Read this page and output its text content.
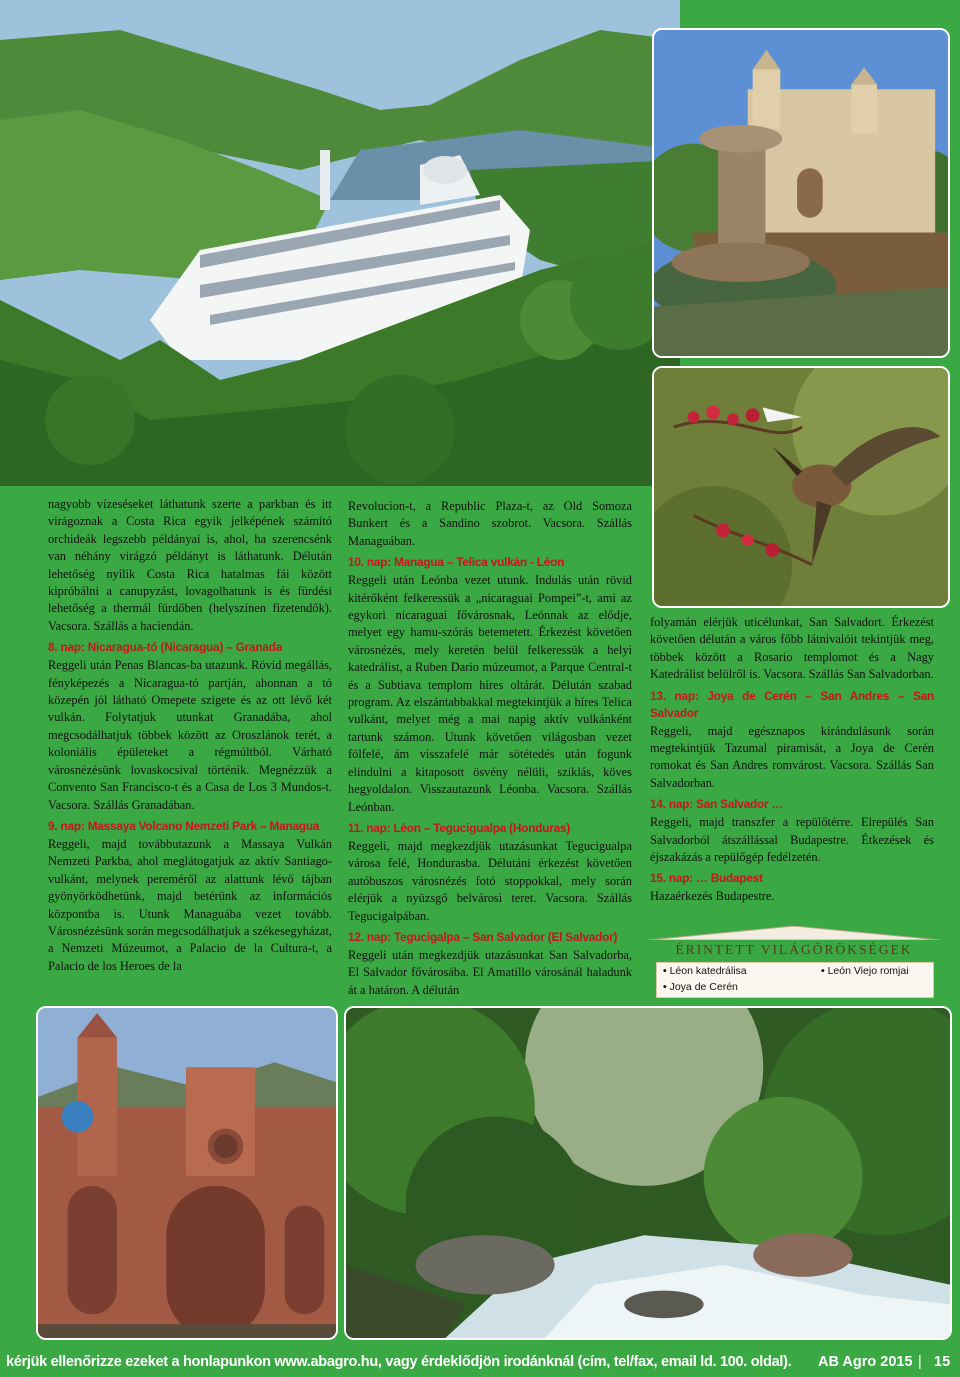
nagyobb vízeséseket láthatunk szerte a parkban és itt virágoznak a Costa Rica egyik jelképének számító orchideák legszebb példányai is, ahol, ha szerencsénk van néhány virágzó példányt is láthatunk. Délután lehetőség nyílik Costa Rica hatalmas fái között kipróbálni a canupyzást, lovagolhatunk is és fürdési lehetőség a thermál fürdőben (helyszínen fizetendők). Vacsora. Szállás a haciendán.

8. nap: Nicaragua-tó (Nicaragua) – Granada

Reggeli után Penas Blancas-ba utazunk. Rövid megállás, fényképezés a Nicaragua-tó partján, ahonnan a tó közepén jól látható Omepete szigete és az ott lévő két vulkán. Folytatjuk utunkat Granadába, ahol megcsodálhatjuk többek között az Oroszlánok terét, a koloniális épületeket a régmúltból. Várható városnézésünk lovaskocsival történik. Megnézzük a Convento San Francisco-t és a Casa de Los 3 Mundos-t. Vacsora. Szállás Granadában.

9. nap: Massaya Volcano Nemzeti Park – Managua

Reggeli, majd továbbutazunk a Massaya Vulkán Nemzeti Parkba, ahol meglátogatjuk az aktív Santiago-vulkánt, melynek pereméről az alattunk lévő tájban gyönyörködhetünk, majd betérünk az információs központba is. Utunk Managuába vezet tovább. Városnézésünk során megcsodálhatjuk a székesegyházat, a Nemzeti Múzeumot, a Palacio de la Cultura-t, a Palacio de los Heroes de la

Revolucion-t, a Republic Plaza-t, az Old Somoza Bunkert és a Sandino szobrot. Vacsora. Szállás Managuában.

10. nap: Managua – Telica vulkán - Léon

Reggeli után Leónba vezet utunk. Indulás után rövid kitérőként felkeressük a „nicaraguai Pompei”-t, ami az egykori nicaraguai fővárosnak, Leónnak az elődje, melyet egy hamu-szórás betemetett. Érkezést követően városnézés, mely keretén belül felkeressük a helyi katedrálist, a Ruben Dario múzeumot, a Parque Central-t és a Subtiava templom híres oltárát. Délután szabad program. Az elszántabbakkal megtekintjük a híres Telica vulkánt, melyet még a mai napig aktív vulkánként tartunk számon. Utunk követően világosban vezet fölfelé, ám visszafelé már sötétedés után fogunk elindulni a kitaposott ösvény nélüli, sziklás, köves hegyoldalon. Visszautazunk Léonba. Vacsora. Szállás Leónban.

11. nap: Léon – Tegucigualpa (Honduras)

Reggeli, majd megkezdjük utazásunkat Tegucigualpa városa felé, Hondurasba. Délutáni érkezést követően autóbuszos városnézés fotó stoppokkal, mely során elérjük a nyüzsgő belvárosi teret. Vacsora. Szállás Tegucigalpában.

12. nap: Tegucigalpa – San Salvador (El Salvador)

Reggeli után megkezdjük utazásunkat San Salvadorba, El Salvador fővárosába. El Amatillo városánál haladunk át a határon. A délután

folyamán elérjük uticélunkat, San Salvadort. Érkezést követően délután a város főbb látnivalóit tekintjük meg, többek között a Rosario templomot és a Nagy Katedrálist belülről is. Vacsora. Szállás San Salvadorban.

13. nap: Joya de Cerén – San Andres – San Salvador

Reggeli, majd egésznapos kirándulásunk során megtekintjük Tazumal piramisát, a Joya de Cerén romokat és San Andres romvárost. Vacsora. Szállás San Salvadorban.

14. nap: San Salvador …

Reggeli, majd transzfer a repülőtérre. Elrepülés San Salvadorból átszállással Budapestre. Étkezések és éjszakázás a repülőgép fedélzetén.

15. nap: … Budapest

Hazaérkezés Budapestre.

ÉRINTETT VILÁGÖRÖKSÉGEK
• Léon katedrálisa
• Joya de Cerén
• León Viejo romjai
kérjük ellenőrizze ezeket a honlapunkon www.abagro.hu, vagy érdeklődjön irodánknál (cím, tel/fax, email ld. 100. oldal). AB Agro 2015 | 15
